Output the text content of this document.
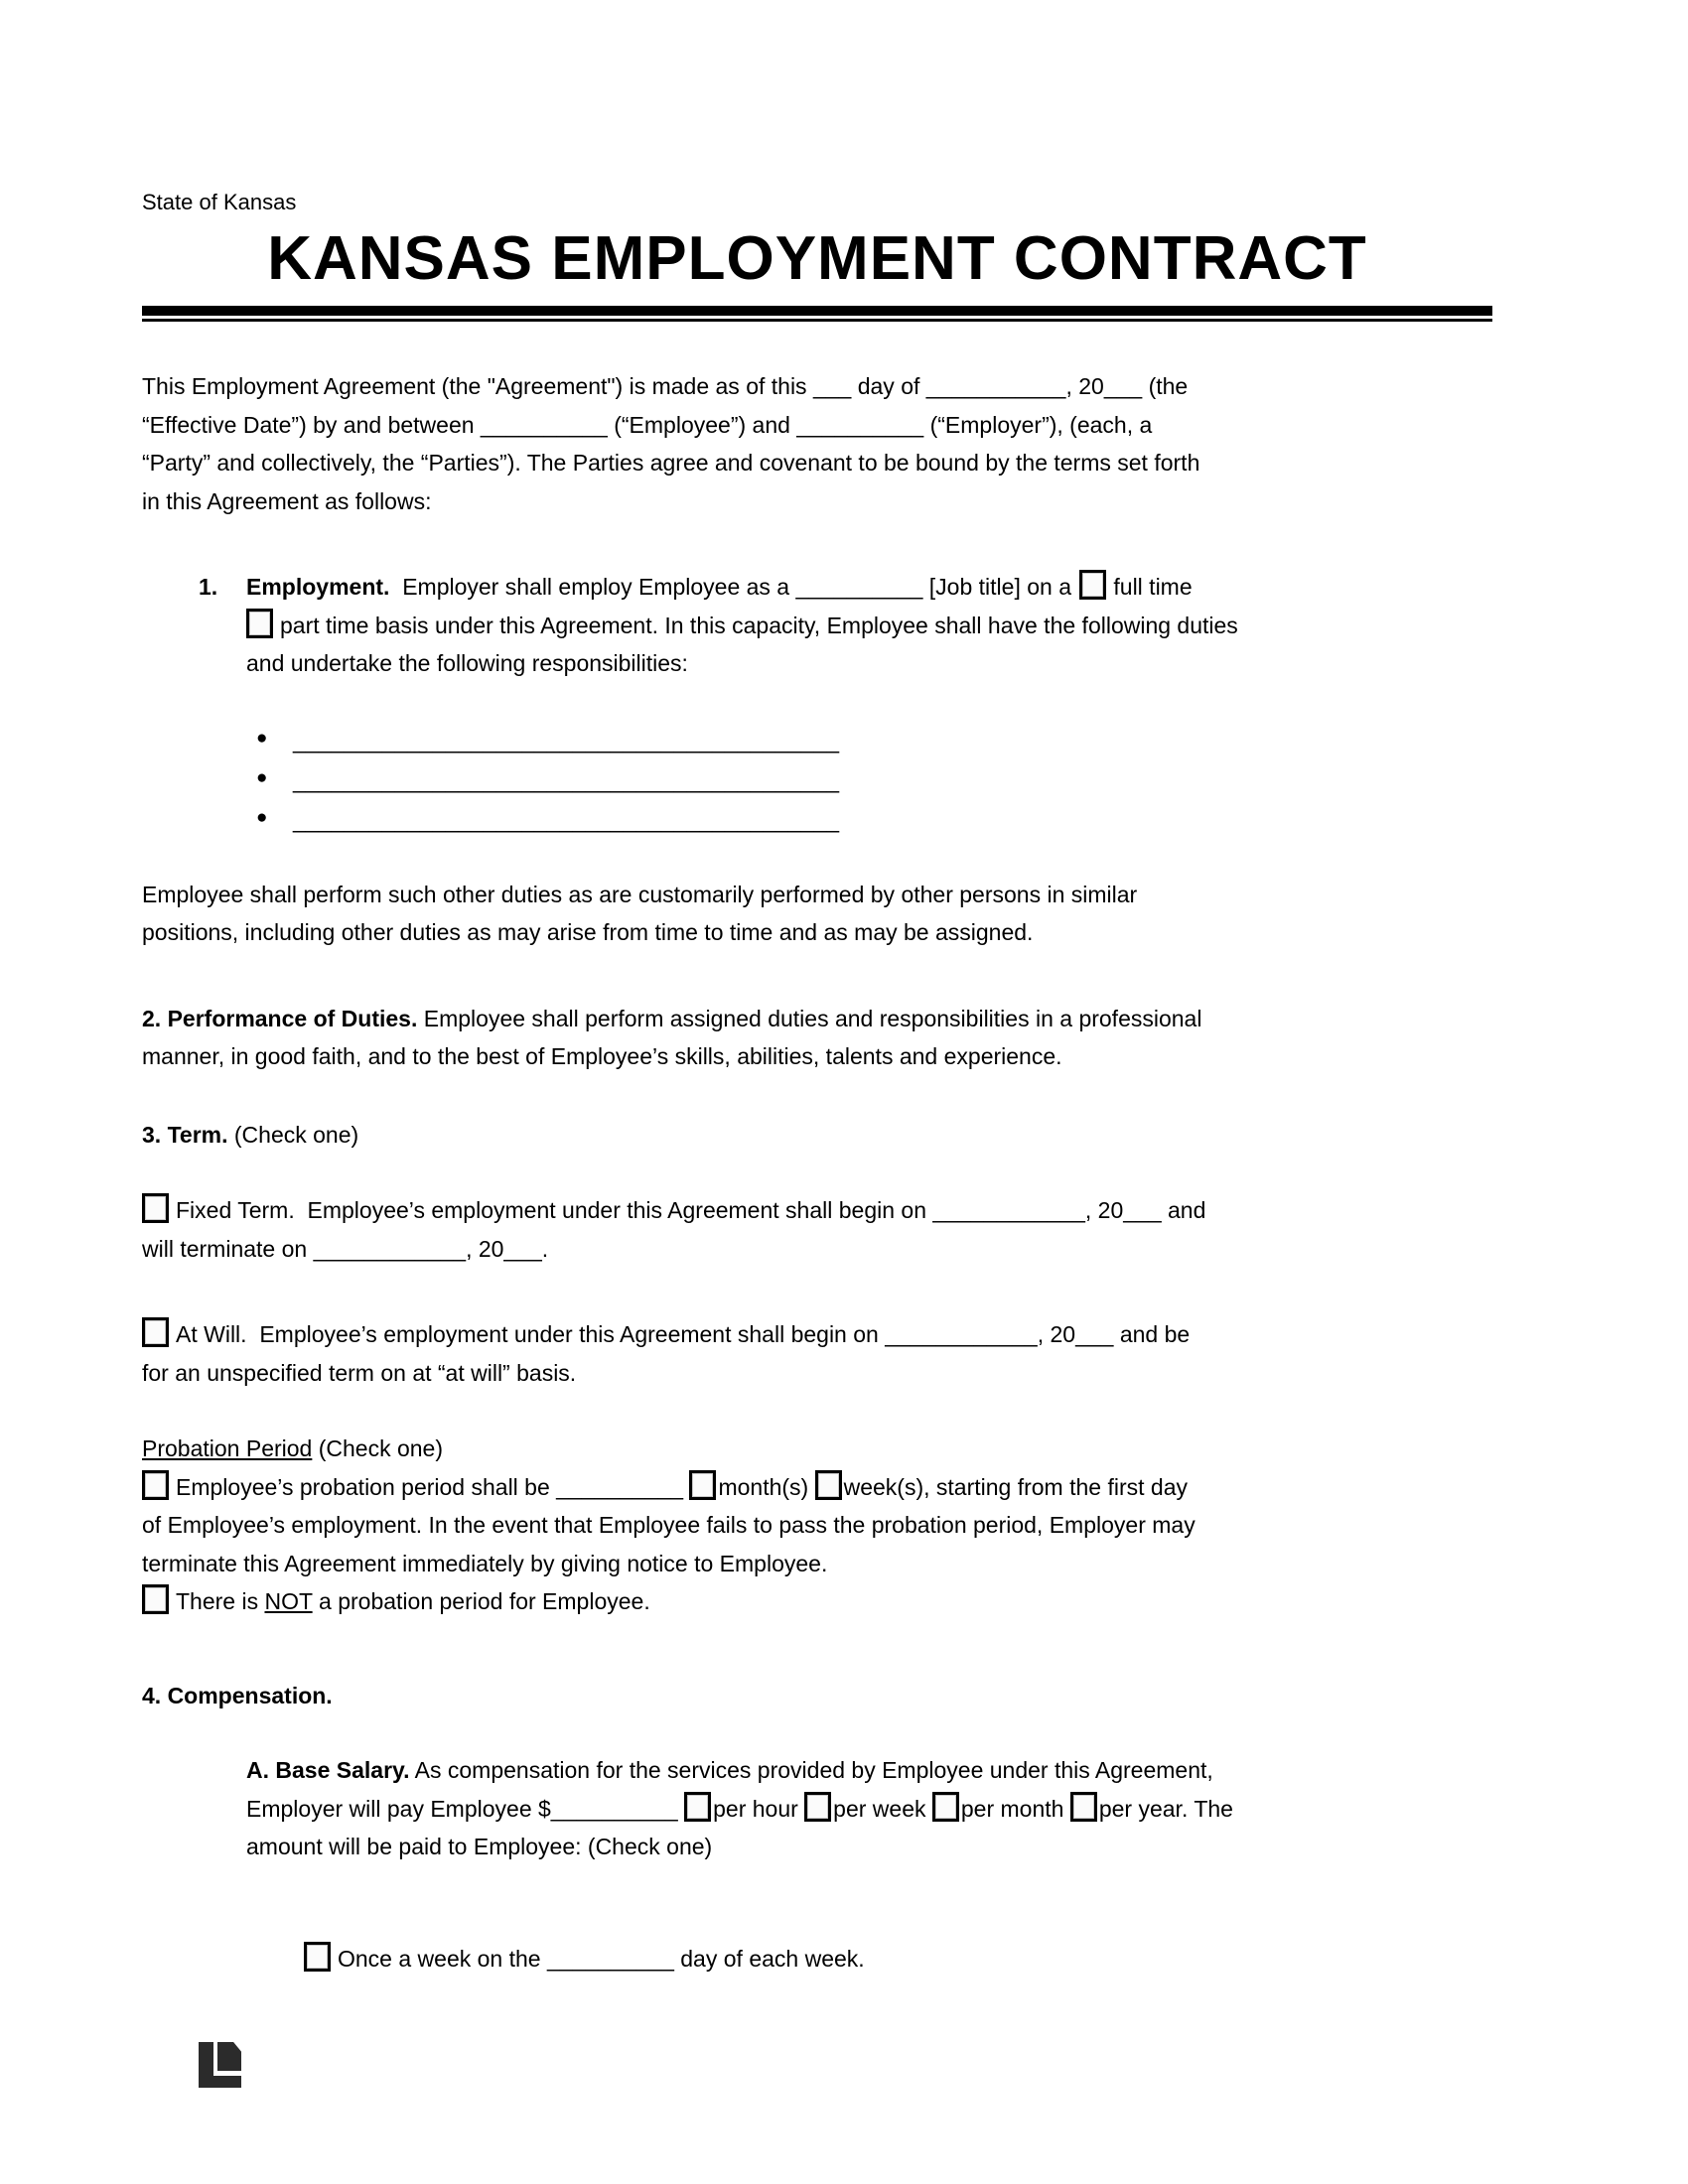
State of Kansas
KANSAS EMPLOYMENT CONTRACT
This Employment Agreement (the "Agreement") is made as of this ___ day of ___________, 20___ (the
“Effective Date”) by and between __________ (“Employee”) and __________ (“Employer”), (each, a
“Party” and collectively, the “Parties”). The Parties agree and covenant to be bound by the terms set forth
in this Agreement as follows:
1. Employment.  Employer shall employ Employee as a __________ [Job title] on a full time
part time basis under this Agreement. In this capacity, Employee shall have the following duties
and undertake the following responsibilities:
● ___________________________________________
● ___________________________________________
● ___________________________________________
Employee shall perform such other duties as are customarily performed by other persons in similar
positions, including other duties as may arise from time to time and as may be assigned.
2. Performance of Duties. Employee shall perform assigned duties and responsibilities in a professional
manner, in good faith, and to the best of Employee’s skills, abilities, talents and experience.
3. Term. (Check one)
Fixed Term.  Employee’s employment under this Agreement shall begin on ____________, 20___ and
will terminate on ____________, 20___.
At Will.  Employee’s employment under this Agreement shall begin on ____________, 20___ and be
for an unspecified term on at “at will” basis.
Probation Period (Check one)
Employee’s probation period shall be __________ month(s) week(s), starting from the first day
of Employee’s employment. In the event that Employee fails to pass the probation period, Employer may
terminate this Agreement immediately by giving notice to Employee.
There is NOT a probation period for Employee.
4. Compensation.
A. Base Salary. As compensation for the services provided by Employee under this Agreement,
Employer will pay Employee $__________ per hour per week per month per year. The
amount will be paid to Employee: (Check one)
Once a week on the __________ day of each week.
